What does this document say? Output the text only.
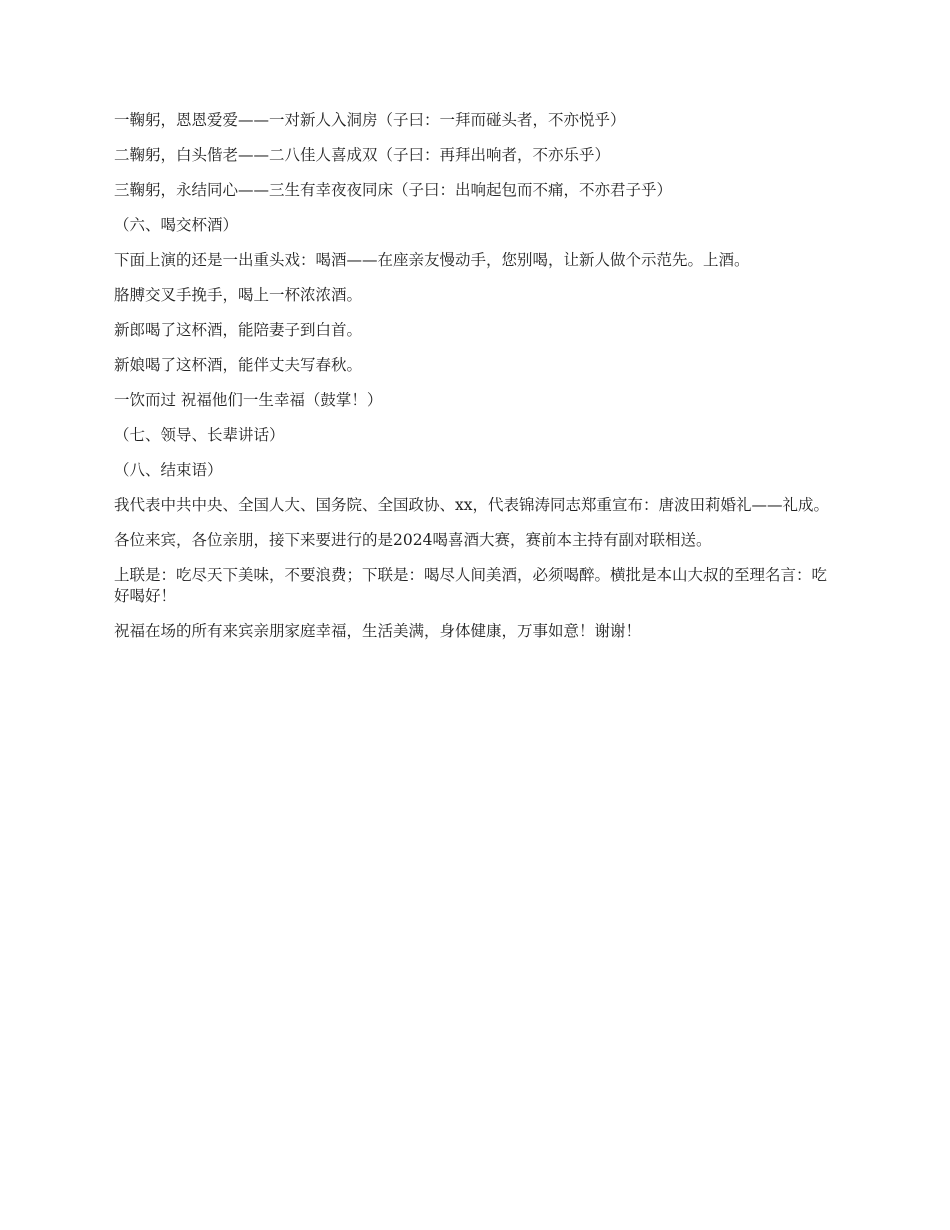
一鞠躬，恩恩爱爱——一对新人入洞房（子曰：一拜而碰头者，不亦悦乎）

二鞠躬，白头偕老——二八佳人喜成双（子曰：再拜出响者，不亦乐乎）

三鞠躬，永结同心——三生有幸夜夜同床（子曰：出响起包而不痛，不亦君子乎）

（六、喝交杯酒）

下面上演的还是一出重头戏：喝酒——在座亲友慢动手，您别喝，让新人做个示范先。上酒。

胳膊交叉手挽手，喝上一杯浓浓酒。

新郎喝了这杯酒，能陪妻子到白首。

新娘喝了这杯酒，能伴丈夫写春秋。

一饮而过 祝福他们一生幸福（鼓掌！）

（七、领导、长辈讲话）

（八、结束语）

我代表中共中央、全国人大、国务院、全国政协、xx，代表锦涛同志郑重宣布：唐波田莉婚礼——礼成。

各位来宾，各位亲朋，接下来要进行的是2024喝喜酒大赛，赛前本主持有副对联相送。

上联是：吃尽天下美味，不要浪费；下联是：喝尽人间美酒，必须喝醉。横批是本山大叔的至理名言：吃好喝好！

祝福在场的所有来宾亲朋家庭幸福，生活美满，身体健康，万事如意！谢谢！
